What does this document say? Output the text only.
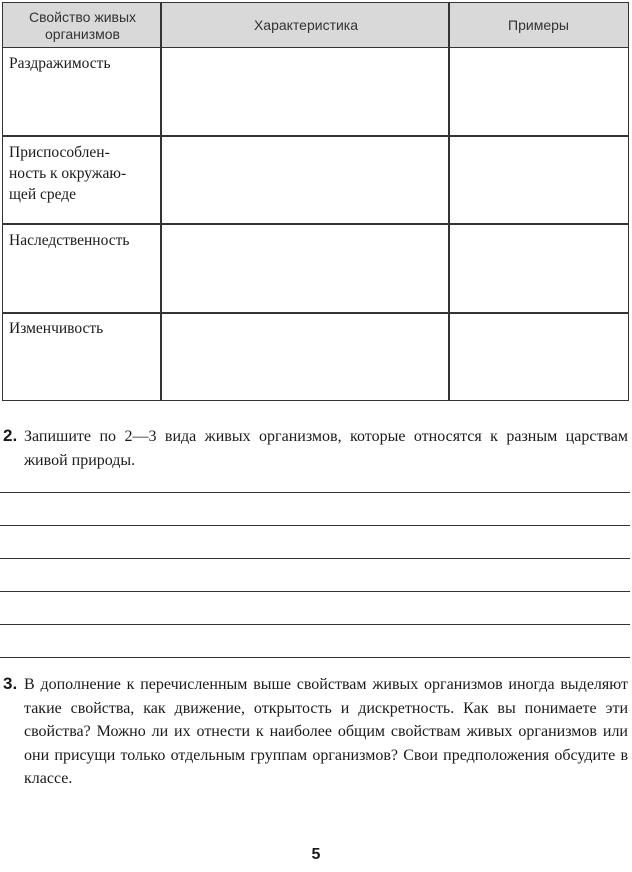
Свойство живых организмов
Характеристика	Примеры
Раздражимость
Приспособлен-
ность к окружаю-
щей среде
Наследственность
Изменчивость
2. Запишите по 2—3 вида живых организмов, которые относятся к разным царствам живой природы.
3. В дополнение к перечисленным выше свойствам живых организмов иногда выделяют такие свойства, как движение, открытость и дискретность. Как вы понимаете эти свойства? Можно ли их отнести к наиболее общим свойствам живых организмов или они присущи только отдельным группам организмов? Свои предположения обсудите в классе.
5
